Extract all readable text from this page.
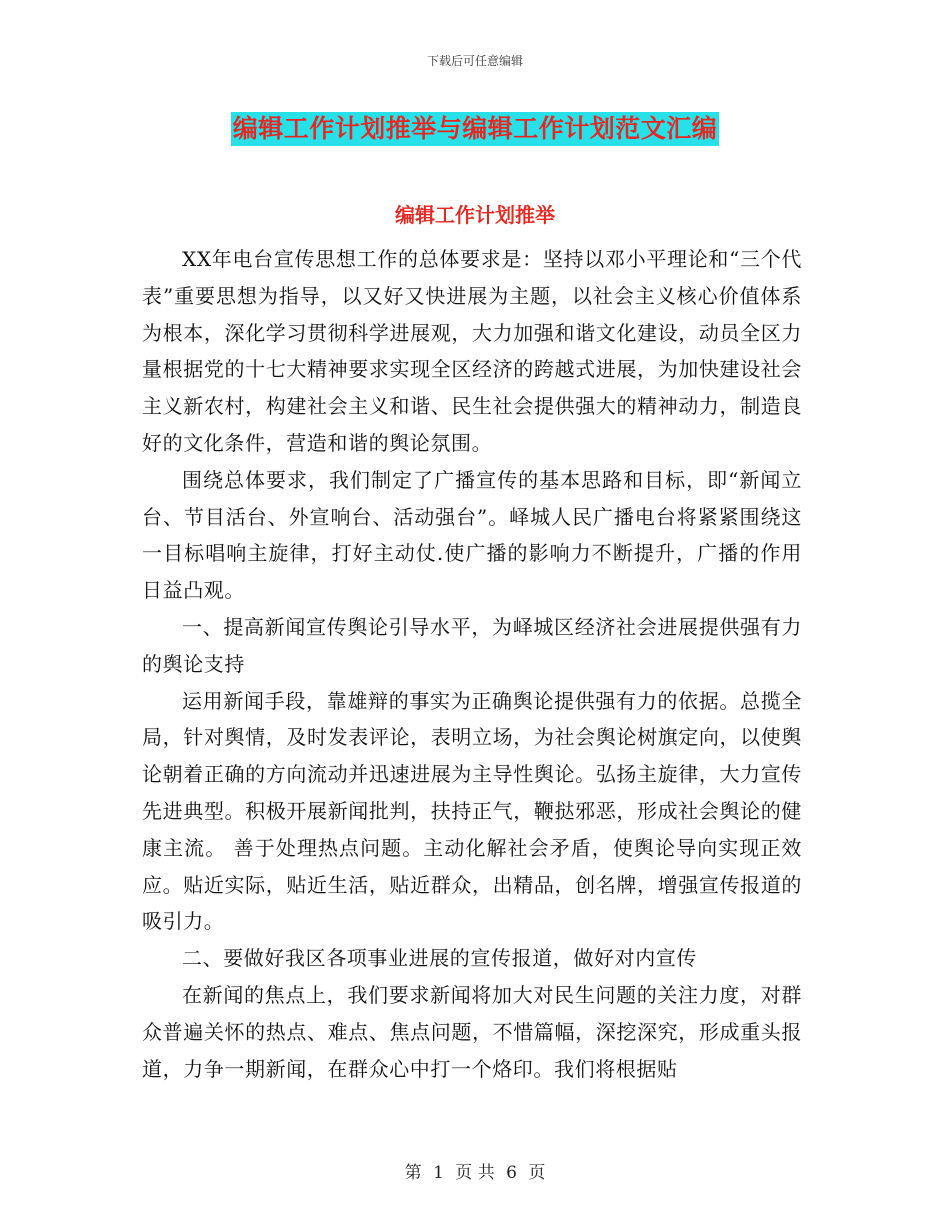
下载后可任意编辑
编辑工作计划推举与编辑工作计划范文汇编
编辑工作计划推举

XX年电台宣传思想工作的总体要求是：坚持以邓小平理论和“三个代表”重要思想为指导，以又好又快进展为主题，以社会主义核心价值体系为根本，深化学习贯彻科学进展观，大力加强和谐文化建设，动员全区力量根据党的十七大精神要求实现全区经济的跨越式进展，为加快建设社会主义新农村，构建社会主义和谐、民生社会提供强大的精神动力，制造良好的文化条件，营造和谐的舆论氛围。

围绕总体要求，我们制定了广播宣传的基本思路和目标，即“新闻立台、节目活台、外宣响台、活动强台”。峄城人民广播电台将紧紧围绕这一目标唱响主旋律，打好主动仗.使广播的影响力不断提升，广播的作用日益凸观。

一、提高新闻宣传舆论引导水平，为峄城区经济社会进展提供强有力的舆论支持

运用新闻手段，靠雄辩的事实为正确舆论提供强有力的依据。总揽全局，针对舆情，及时发表评论，表明立场，为社会舆论树旗定向，以使舆论朝着正确的方向流动并迅速进展为主导性舆论。弘扬主旋律，大力宣传先进典型。积极开展新闻批判，扶持正气，鞭挞邪恶，形成社会舆论的健康主流。 善于处理热点问题。主动化解社会矛盾，使舆论导向实现正效应。贴近实际，贴近生活，贴近群众，出精品，创名牌，增强宣传报道的吸引力。

二、要做好我区各项事业进展的宣传报道，做好对内宣传

在新闻的焦点上，我们要求新闻将加大对民生问题的关注力度，对群众普遍关怀的热点、难点、焦点问题，不惜篇幅，深挖深究，形成重头报道，力争一期新闻，在群众心中打一个烙印。我们将根据贴

第 1 页 共 6 页
